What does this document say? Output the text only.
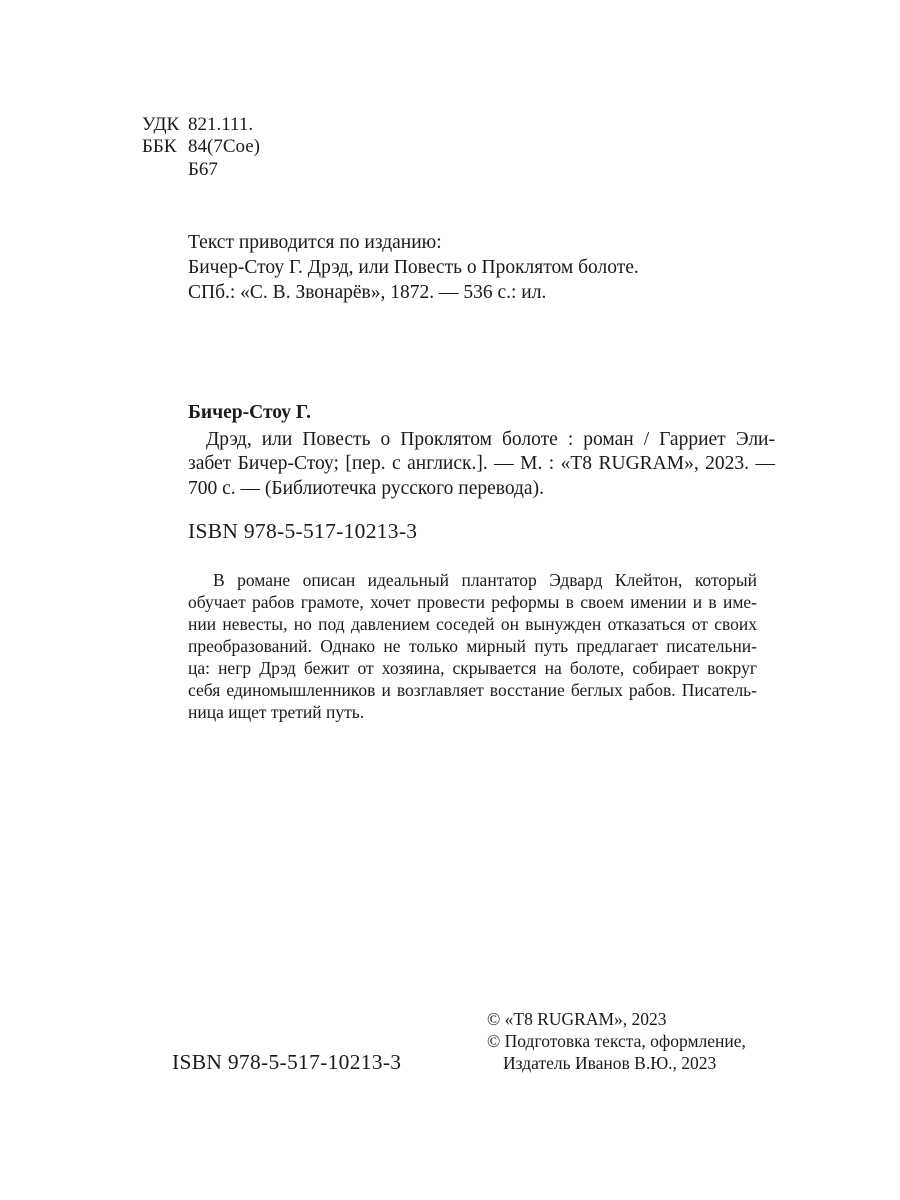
УДК 821.111.
ББК 84(7Сое)
Б67
Текст приводится по изданию:
Бичер-Стоу Г. Дрэд, или Повесть о Проклятом болоте.
СПб.: «С. В. Звонарёв», 1872. — 536 с.: ил.
Бичер-Стоу Г.
Дрэд, или Повесть о Проклятом болоте : роман / Гарриет Эли-
забет Бичер-Стоу; [пер. с англиск.]. — М. : «Т8 RUGRAM», 2023. —
700 с. — (Библиотечка русского перевода).
ISBN 978-5-517-10213-3
В романе описан идеальный плантатор Эдвард Клейтон, который
обучает рабов грамоте, хочет провести реформы в своем имении и в име-
нии невесты, но под давлением соседей он вынужден отказаться от своих
преобразований. Однако не только мирный путь предлагает писательни-
ца: негр Дрэд бежит от хозяина, скрывается на болоте, собирает вокруг
себя единомышленников и возглавляет восстание беглых рабов. Писатель-
ница ищет третий путь.
ISBN 978-5-517-10213-3
© «Т8 RUGRAM», 2023
© Подготовка текста, оформление,
Издатель Иванов В.Ю., 2023
